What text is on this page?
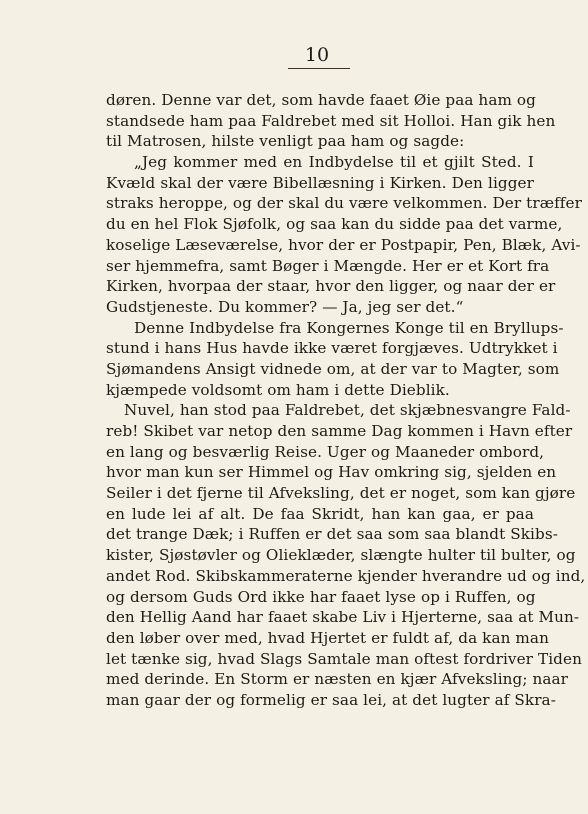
10
døren. Denne var det, som havde faaet Øie paa ham og
standsede ham paa Faldrebet med sit Holloi. Han gik hen
til Matrosen, hilste venligt paa ham og sagde:
„Jeg kommer med en Indbydelse til et gjilt Sted. I
Kvæld skal der være Bibellæsning i Kirken. Den ligger
straks heroppe, og der skal du være velkommen. Der træffer
du en hel Flok Sjøfolk, og saa kan du sidde paa det varme,
koselige Læseværelse, hvor der er Postpapir, Pen, Blæk, Avi-
ser hjemmefra, samt Bøger i Mængde. Her er et Kort fra
Kirken, hvorpaa der staar, hvor den ligger, og naar der er
Gudstjeneste. Du kommer? — Ja, jeg ser det.“
Denne Indbydelse fra Kongernes Konge til en Bryllups-
stund i hans Hus havde ikke været forgjæves. Udtrykket i
Sjømandens Ansigt vidnede om, at der var to Magter, som
kjæmpede voldsomt om ham i dette Dieblik.
Nuvel, han stod paa Faldrebet, det skjæbnesvangre Fald-
reb! Skibet var netop den samme Dag kommen i Havn efter
en lang og besværlig Reise. Uger og Maaneder ombord,
hvor man kun ser Himmel og Hav omkring sig, sjelden en
Seiler i det fjerne til Afveksling, det er noget, som kan gjøre
en lude lei af alt. De faa Skridt, han kan gaa, er paa
det trange Dæk; i Ruffen er det saa som saa blandt Skibs-
kister, Sjøstøvler og Olieklæder, slængte hulter til bulter, og
andet Rod. Skibskammeraterne kjender hverandre ud og ind,
og dersom Guds Ord ikke har faaet lyse op i Ruffen, og
den Hellig Aand har faaet skabe Liv i Hjerterne, saa at Mun-
den løber over med, hvad Hjertet er fuldt af, da kan man
let tænke sig, hvad Slags Samtale man oftest fordriver Tiden
med derinde. En Storm er næsten en kjær Afveksling; naar
man gaar der og formelig er saa lei, at det lugter af Skra-
